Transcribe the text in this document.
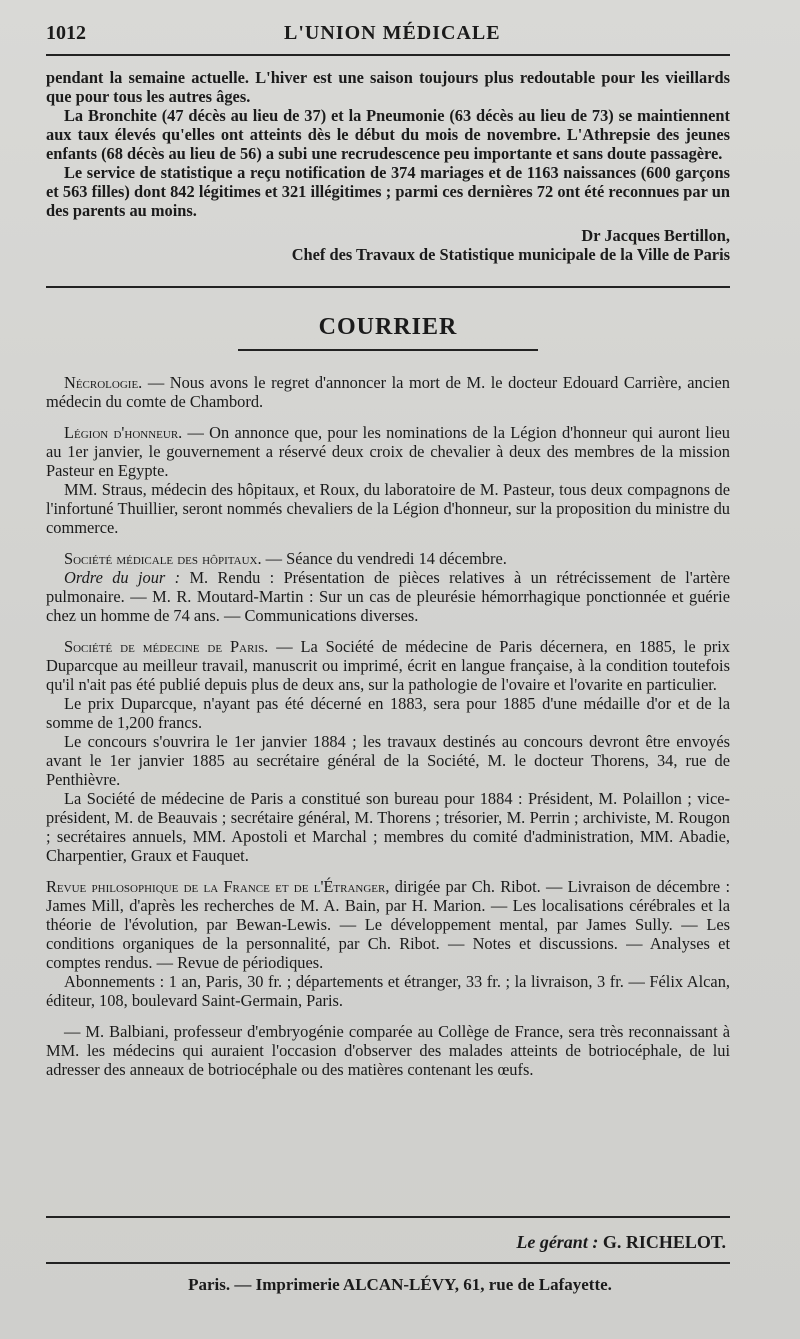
1012	L'UNION MÉDICALE

pendant la semaine actuelle. L'hiver est une saison toujours plus redoutable pour les vieillards que pour tous les autres âges.

La Bronchite (47 décès au lieu de 37) et la Pneumonie (63 décès au lieu de 73) se maintiennent aux taux élevés qu'elles ont atteints dès le début du mois de novembre. L'Athrepsie des jeunes enfants (68 décès au lieu de 56) a subi une recrudescence peu importante et sans doute passagère.

Le service de statistique a reçu notification de 374 mariages et de 1163 naissances (600 garçons et 563 filles) dont 842 légitimes et 321 illégitimes ; parmi ces dernières 72 ont été reconnues par un des parents au moins.

Dr Jacques Bertillon,

Chef des Travaux de Statistique municipale de la Ville de Paris

COURRIER

Nécrologie. — Nous avons le regret d'annoncer la mort de M. le docteur Edouard Carrière, ancien médecin du comte de Chambord.

Légion d'honneur. — On annonce que, pour les nominations de la Légion d'honneur qui auront lieu au 1er janvier, le gouvernement a réservé deux croix de chevalier à deux des membres de la mission Pasteur en Egypte.

MM. Straus, médecin des hôpitaux, et Roux, du laboratoire de M. Pasteur, tous deux compagnons de l'infortuné Thuillier, seront nommés chevaliers de la Légion d'honneur, sur la proposition du ministre du commerce.

Société médicale des hôpitaux. — Séance du vendredi 14 décembre.

Ordre du jour : M. Rendu : Présentation de pièces relatives à un rétrécissement de l'artère pulmonaire. — M. R. Moutard-Martin : Sur un cas de pleurésie hémorrhagique ponctionnée et guérie chez un homme de 74 ans. — Communications diverses.

Société de médecine de Paris. — La Société de médecine de Paris décernera, en 1885, le prix Duparcque au meilleur travail, manuscrit ou imprimé, écrit en langue française, à la condition toutefois qu'il n'ait pas été publié depuis plus de deux ans, sur la pathologie de l'ovaire et l'ovarite en particulier.

Le prix Duparcque, n'ayant pas été décerné en 1883, sera pour 1885 d'une médaille d'or et de la somme de 1,200 francs.

Le concours s'ouvrira le 1er janvier 1884 ; les travaux destinés au concours devront être envoyés avant le 1er janvier 1885 au secrétaire général de la Société, M. le docteur Thorens, 34, rue de Penthièvre.

La Société de médecine de Paris a constitué son bureau pour 1884 : Président, M. Polaillon ; vice-président, M. de Beauvais ; secrétaire général, M. Thorens ; trésorier, M. Perrin ; archiviste, M. Rougon ; secrétaires annuels, MM. Apostoli et Marchal ; membres du comité d'administration, MM. Abadie, Charpentier, Graux et Fauquet.

Revue philosophique de la France et de l'Étranger, dirigée par Ch. Ribot. — Livraison de décembre : James Mill, d'après les recherches de M. A. Bain, par H. Marion. — Les localisations cérébrales et la théorie de l'évolution, par Bewan-Lewis. — Le développement mental, par James Sully. — Les conditions organiques de la personnalité, par Ch. Ribot. — Notes et discussions. — Analyses et comptes rendus. — Revue de périodiques.

Abonnements : 1 an, Paris, 30 fr. ; départements et étranger, 33 fr. ; la livraison, 3 fr. — Félix Alcan, éditeur, 108, boulevard Saint-Germain, Paris.

— M. Balbiani, professeur d'embryogénie comparée au Collège de France, sera très reconnaissant à MM. les médecins qui auraient l'occasion d'observer des malades atteints de botriocéphale, de lui adresser des anneaux de botriocéphale ou des matières contenant les œufs.

Le gérant : G. RICHELOT.
Paris. — Imprimerie ALCAN-LÉVY, 61, rue de Lafayette.
